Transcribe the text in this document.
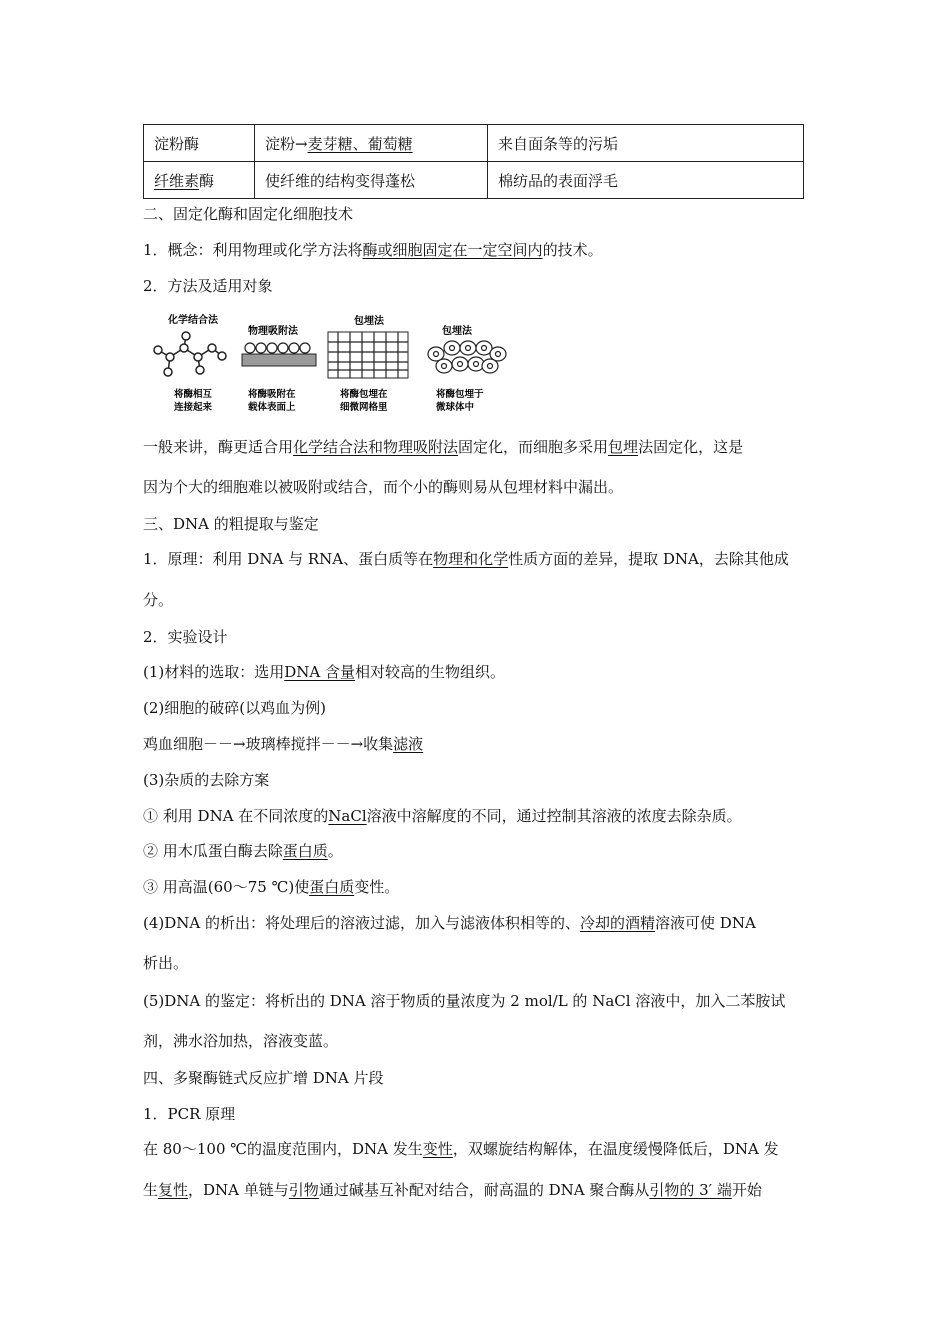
淀粉酶	淀粉→麦芽糖、葡萄糖	来自面条等的污垢
纤维素酶	使纤维的结构变得蓬松	棉纺品的表面浮毛
二、固定化酶和固定化细胞技术
1．概念：利用物理或化学方法将酶或细胞固定在一定空间内的技术。
2．方法及适用对象
化学结合法
将酶相互
连接起来
物理吸附法
将酶吸附在
载体表面上
包埋法
将酶包埋在
细微网格里
包埋法
将酶包埋于
微球体中
一般来讲，酶更适合用化学结合法和物理吸附法固定化，而细胞多采用包埋法固定化，这是
因为个大的细胞难以被吸附或结合，而个小的酶则易从包埋材料中漏出。
三、DNA 的粗提取与鉴定
1．原理：利用 DNA 与 RNA、蛋白质等在物理和化学性质方面的差异，提取 DNA，去除其他成
分。
2．实验设计
(1)材料的选取：选用DNA 含量相对较高的生物组织。
(2)细胞的破碎(以鸡血为例)
鸡血细胞－－→玻璃棒搅拌－－→收集滤液
(3)杂质的去除方案
① 利用 DNA 在不同浓度的NaCl溶液中溶解度的不同，通过控制其溶液的浓度去除杂质。
② 用木瓜蛋白酶去除蛋白质。
③ 用高温(60～75 ℃)使蛋白质变性。
(4)DNA 的析出：将处理后的溶液过滤，加入与滤液体积相等的、冷却的酒精溶液可使 DNA
析出。
(5)DNA 的鉴定：将析出的 DNA 溶于物质的量浓度为 2 mol/L 的 NaCl 溶液中，加入二苯胺试
剂，沸水浴加热，溶液变蓝。
四、多聚酶链式反应扩增 DNA 片段
1．PCR 原理
在 80～100 ℃的温度范围内，DNA 发生变性，双螺旋结构解体，在温度缓慢降低后，DNA 发
生复性，DNA 单链与引物通过碱基互补配对结合，耐高温的 DNA 聚合酶从引物的 3′ 端开始
